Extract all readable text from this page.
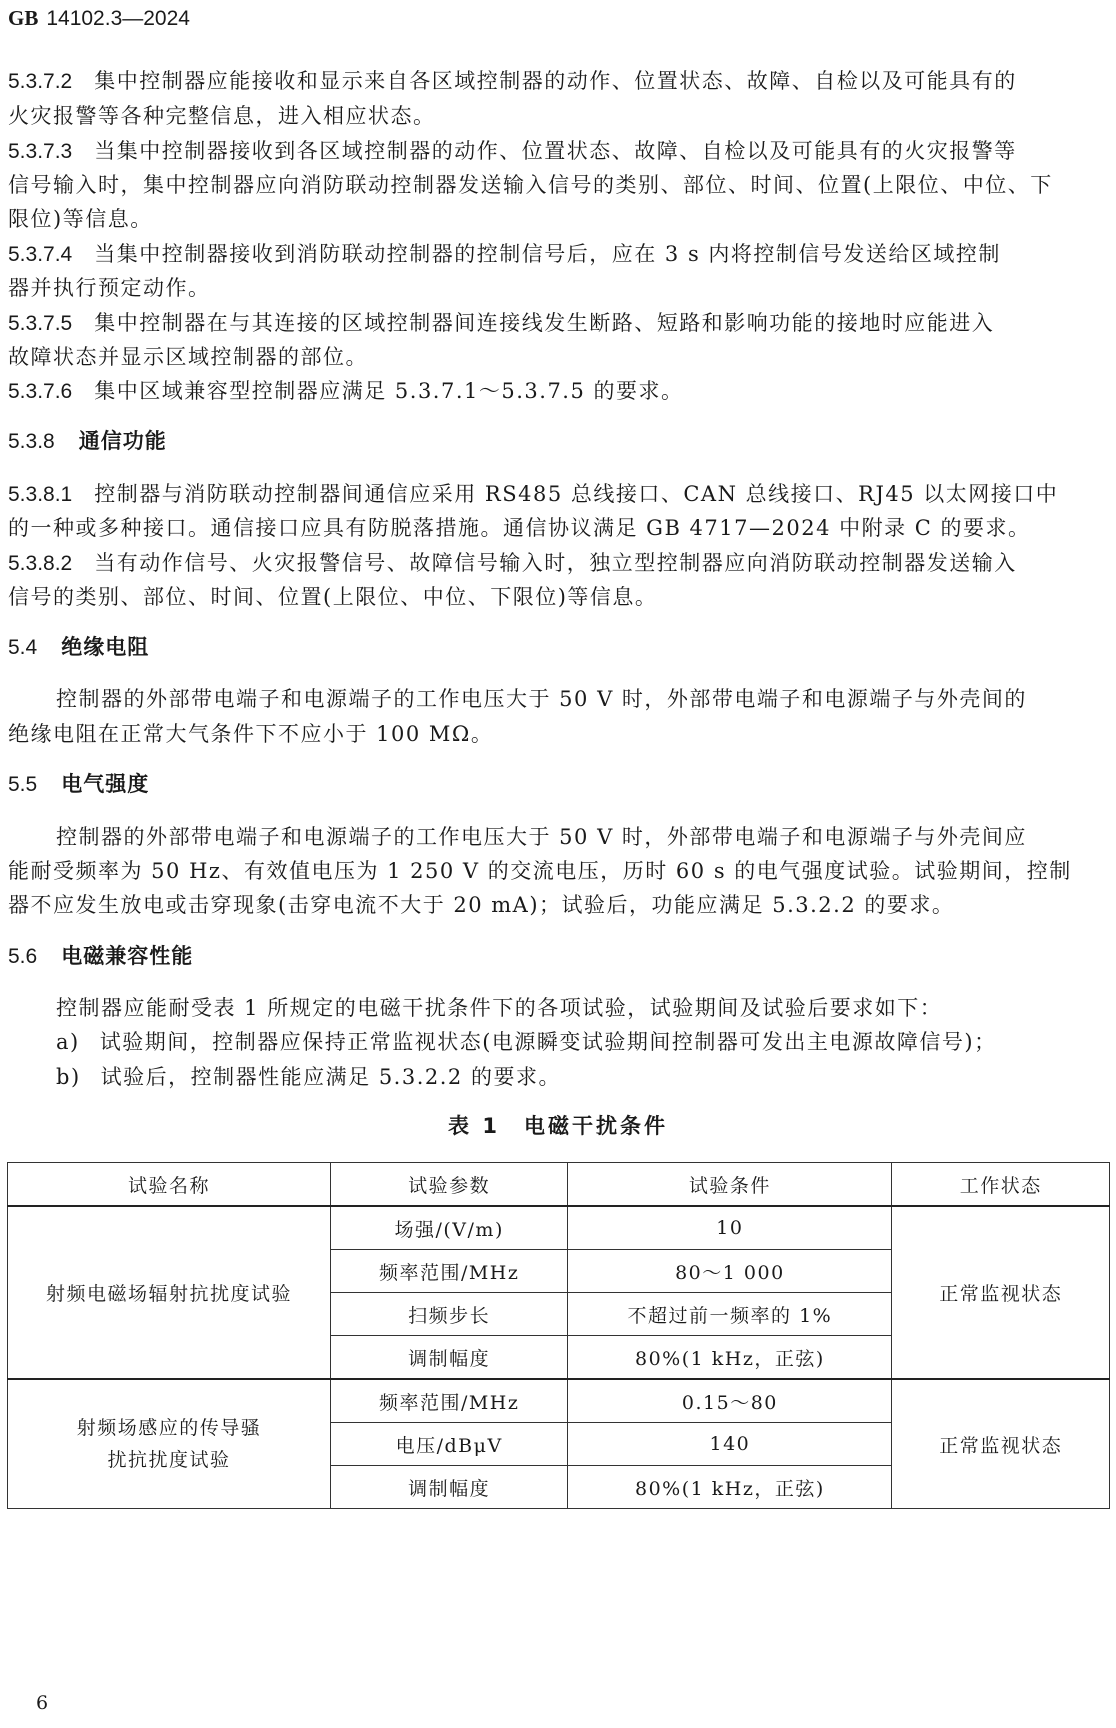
GB 14102.3—2024
5.3.7.2 集中控制器应能接收和显示来自各区域控制器的动作、位置状态、故障、自检以及可能具有的
火灾报警等各种完整信息，进入相应状态。
5.3.7.3 当集中控制器接收到各区域控制器的动作、位置状态、故障、自检以及可能具有的火灾报警等
信号输入时，集中控制器应向消防联动控制器发送输入信号的类别、部位、时间、位置(上限位、中位、下
限位)等信息。
5.3.7.4 当集中控制器接收到消防联动控制器的控制信号后，应在 3 s 内将控制信号发送给区域控制
器并执行预定动作。
5.3.7.5 集中控制器在与其连接的区域控制器间连接线发生断路、短路和影响功能的接地时应能进入
故障状态并显示区域控制器的部位。
5.3.7.6 集中区域兼容型控制器应满足 5.3.7.1～5.3.7.5 的要求。
5.3.8 通信功能
5.3.8.1 控制器与消防联动控制器间通信应采用 RS485 总线接口、CAN 总线接口、RJ45 以太网接口中
的一种或多种接口。通信接口应具有防脱落措施。通信协议满足 GB 4717—2024 中附录 C 的要求。
5.3.8.2 当有动作信号、火灾报警信号、故障信号输入时，独立型控制器应向消防联动控制器发送输入
信号的类别、部位、时间、位置(上限位、中位、下限位)等信息。
5.4 绝缘电阻
控制器的外部带电端子和电源端子的工作电压大于 50 V 时，外部带电端子和电源端子与外壳间的
绝缘电阻在正常大气条件下不应小于 100 MΩ。
5.5 电气强度
控制器的外部带电端子和电源端子的工作电压大于 50 V 时，外部带电端子和电源端子与外壳间应
能耐受频率为 50 Hz、有效值电压为 1 250 V 的交流电压，历时 60 s 的电气强度试验。试验期间，控制
器不应发生放电或击穿现象(击穿电流不大于 20 mA)；试验后，功能应满足 5.3.2.2 的要求。
5.6 电磁兼容性能
控制器应能耐受表 1 所规定的电磁干扰条件下的各项试验，试验期间及试验后要求如下：
a) 试验期间，控制器应保持正常监视状态(电源瞬变试验期间控制器可发出主电源故障信号)；
b) 试验后，控制器性能应满足 5.3.2.2 的要求。
表 1 电磁干扰条件
试验名称	试验参数	试验条件	工作状态
射频电磁场辐射抗扰度试验	场强/(V/m)	10	正常监视状态
	频率范围/MHz	80～1 000	
	扫频步长	不超过前一频率的 1%	
	调制幅度	80%(1 kHz，正弦)	
射频场感应的传导骚
扰抗扰度试验	频率范围/MHz	0.15～80	正常监视状态
	电压/dBμV	140	
	调制幅度	80%(1 kHz，正弦)	
6
